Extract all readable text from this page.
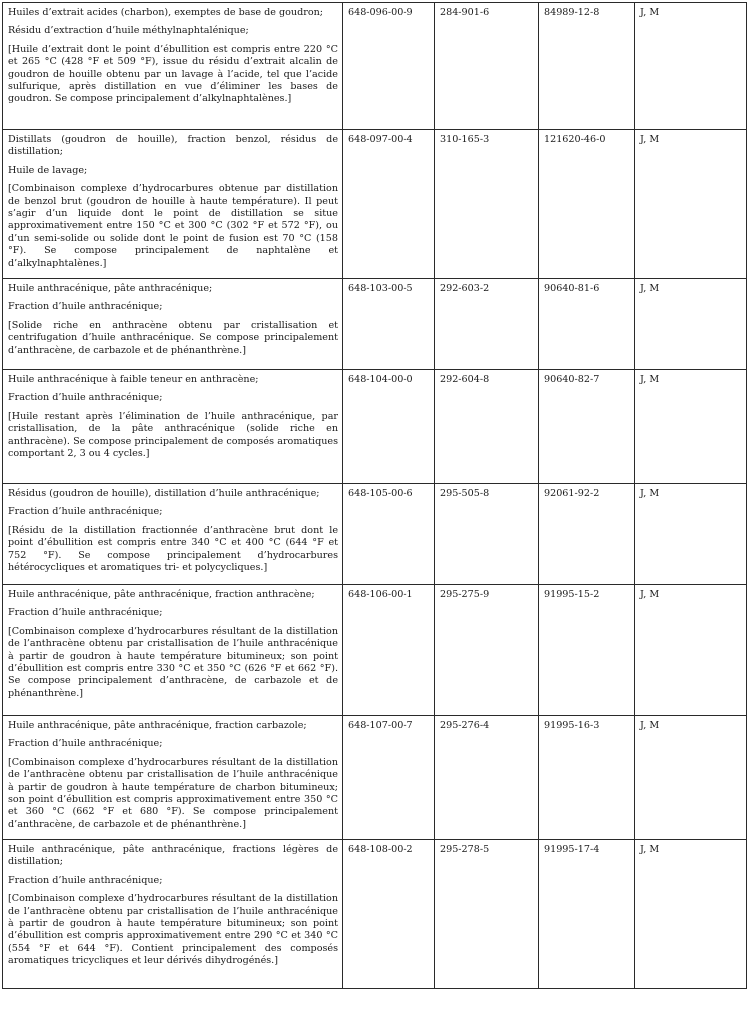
Huiles d’extrait acides (charbon), exemptes de base de goudron;

Résidu d’extraction d’huile méthylnaphtalénique;

[Huile d’extrait dont le point d’ébullition est compris entre 220 °C et 265 °C (428 °F et 509 °F), issue du résidu d’extrait alcalin de goudron de houille obtenu par un lavage à l’acide, tel que l’acide sulfurique, après distillation en vue d’éliminer les bases de goudron. Se compose principalement d’alkylnaphtalènes.]	648-096-00-9	284-901-6	84989-12-8	J, M

Distillats (goudron de houille), fraction benzol, résidus de distillation;

Huile de lavage;

[Combinaison complexe d’hydrocarbures obtenue par distillation de benzol brut (goudron de houille à haute température). Il peut s’agir d’un liquide dont le point de distillation se situe approximativement entre 150 °C et 300 °C (302 °F et 572 °F), ou d’un semi-solide ou solide dont le point de fusion est 70 °C (158 °F). Se compose principalement de naphtalène et d’alkylnaphtalènes.]	648-097-00-4	310-165-3	121620-46-0	J, M

Huile anthracénique, pâte anthracénique;

Fraction d’huile anthracénique;

[Solide riche en anthracène obtenu par cristallisation et centrifugation d’huile anthracénique. Se compose principalement d’anthracène, de carbazole et de phénanthrène.]	648-103-00-5	292-603-2	90640-81-6	J, M

Huile anthracénique à faible teneur en anthracène;

Fraction d’huile anthracénique;

[Huile restant après l’élimination de l’huile anthracénique, par cristallisation, de la pâte anthracénique (solide riche en anthracène). Se compose principalement de composés aromatiques comportant 2, 3 ou 4 cycles.]	648-104-00-0	292-604-8	90640-82-7	J, M

Résidus (goudron de houille), distillation d’huile anthracénique;

Fraction d’huile anthracénique;

[Résidu de la distillation fractionnée d’anthracène brut dont le point d’ébullition est compris entre 340 °C et 400 °C (644 °F et 752 °F). Se compose principalement d’hydrocarbures hétérocycliques et aromatiques tri- et polycycliques.]	648-105-00-6	295-505-8	92061-92-2	J, M

Huile anthracénique, pâte anthracénique, fraction anthracène;

Fraction d’huile anthracénique;

[Combinaison complexe d’hydrocarbures résultant de la distillation de l’anthracène obtenu par cristallisation de l’huile anthracénique à partir de goudron à haute température bitumineux; son point d’ébullition est compris entre 330 °C et 350 °C (626 °F et 662 °F). Se compose principalement d’anthracène, de carbazole et de phénanthrène.]	648-106-00-1	295-275-9	91995-15-2	J, M

Huile anthracénique, pâte anthracénique, fraction carbazole;

Fraction d’huile anthracénique;

[Combinaison complexe d’hydrocarbures résultant de la distillation de l’anthracène obtenu par cristallisation de l’huile anthracénique à partir de goudron à haute température de charbon bitumineux; son point d’ébullition est compris approximativement entre 350 °C et 360 °C (662 °F et 680 °F). Se compose principalement d’anthracène, de carbazole et de phénanthrène.]	648-107-00-7	295-276-4	91995-16-3	J, M

Huile anthracénique, pâte anthracénique, fractions légères de distillation;

Fraction d’huile anthracénique;

[Combinaison complexe d’hydrocarbures résultant de la distillation de l’anthracène obtenu par cristallisation de l’huile anthracénique à partir de goudron à haute température bitumineux; son point d’ébullition est compris approximativement entre 290 °C et 340 °C (554 °F et 644 °F). Contient principalement des composés aromatiques tricycliques et leur dérivés dihydrogénés.]	648-108-00-2	295-278-5	91995-17-4	J, M
